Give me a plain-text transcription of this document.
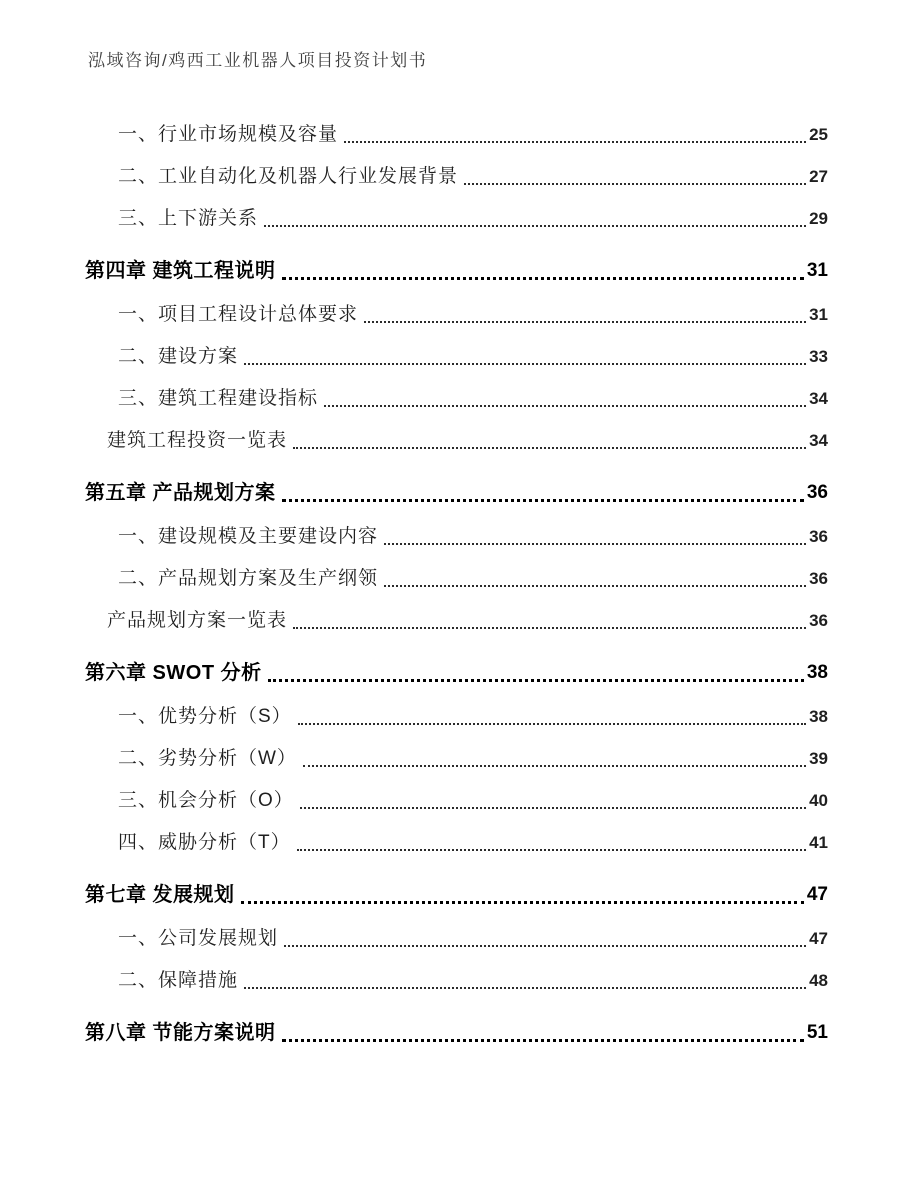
泓域咨询/鸡西工业机器人项目投资计划书
一、行业市场规模及容量	25
二、工业自动化及机器人行业发展背景	27
三、上下游关系	29
第四章 建筑工程说明	31
一、项目工程设计总体要求	31
二、建设方案	33
三、建筑工程建设指标	34
建筑工程投资一览表	34
第五章 产品规划方案	36
一、建设规模及主要建设内容	36
二、产品规划方案及生产纲领	36
产品规划方案一览表	36
第六章 SWOT 分析	38
一、优势分析（S）	38
二、劣势分析（W）	39
三、机会分析（O）	40
四、威胁分析（T）	41
第七章 发展规划	47
一、公司发展规划	47
二、保障措施	48
第八章 节能方案说明	51
